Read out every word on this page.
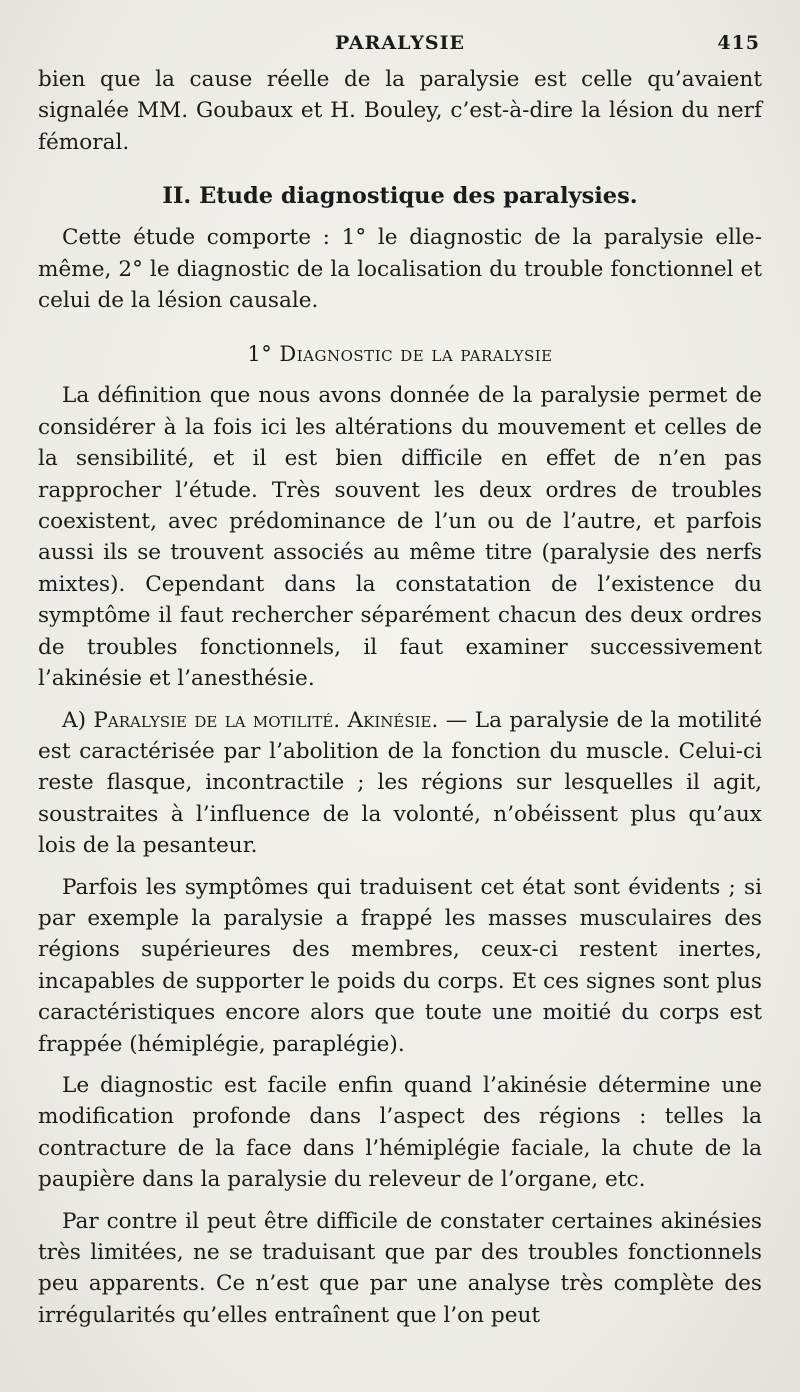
PARALYSIE	415

bien que la cause réelle de la paralysie est celle qu’avaient signalée MM. Goubaux et H. Bouley, c’est-à-dire la lésion du nerf fémoral.

II. Etude diagnostique des paralysies.

Cette étude comporte : 1° le diagnostic de la paralysie elle-même, 2° le diagnostic de la localisation du trouble fonctionnel et celui de la lésion causale.

1° Diagnostic de la paralysie

La définition que nous avons donnée de la paralysie permet de considérer à la fois ici les altérations du mouvement et celles de la sensibilité, et il est bien difficile en effet de n’en pas rapprocher l’étude. Très souvent les deux ordres de troubles coexistent, avec prédominance de l’un ou de l’autre, et parfois aussi ils se trouvent associés au même titre (paralysie des nerfs mixtes). Cependant dans la constatation de l’existence du symptôme il faut rechercher séparément chacun des deux ordres de troubles fonctionnels, il faut examiner successivement l’akinésie et l’anesthésie.

A) Paralysie de la motilité. Akinésie. — La paralysie de la motilité est caractérisée par l’abolition de la fonction du muscle. Celui-ci reste flasque, incontractile ; les régions sur lesquelles il agit, soustraites à l’influence de la volonté, n’obéissent plus qu’aux lois de la pesanteur.

Parfois les symptômes qui traduisent cet état sont évidents ; si par exemple la paralysie a frappé les masses musculaires des régions supérieures des membres, ceux-ci restent inertes, incapables de supporter le poids du corps. Et ces signes sont plus caractéristiques encore alors que toute une moitié du corps est frappée (hémiplégie, paraplégie).

Le diagnostic est facile enfin quand l’akinésie détermine une modification profonde dans l’aspect des régions : telles la contracture de la face dans l’hémiplégie faciale, la chute de la paupière dans la paralysie du releveur de l’organe, etc.

Par contre il peut être difficile de constater certaines akinésies très limitées, ne se traduisant que par des troubles fonctionnels peu apparents. Ce n’est que par une analyse très complète des irrégularités qu’elles entraînent que l’on peut
